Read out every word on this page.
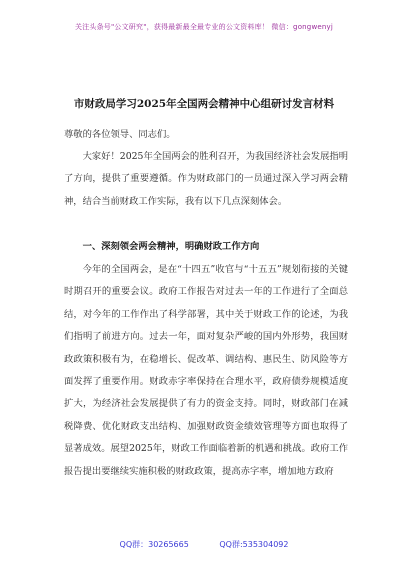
关注头条号"公文研究"，获得最新最全最专业的公文资料库！ 微信：gongwenyj
市财政局学习2025年全国两会精神中心组研讨发言材料

尊敬的各位领导、同志们。

大家好！2025年全国两会的胜利召开，为我国经济社会发展指明了方向，提供了重要遵循。作为财政部门的一员通过深入学习两会精神，结合当前财政工作实际，我有以下几点深刻体会。

一、深刻领会两会精神，明确财政工作方向

今年的全国两会，是在“十四五”收官与“十五五”规划衔接的关键时期召开的重要会议。政府工作报告对过去一年的工作进行了全面总结，对今年的工作作出了科学部署，其中关于财政工作的论述，为我们指明了前进方向。过去一年，面对复杂严峻的国内外形势，我国财政政策积极有为，在稳增长、促改革、调结构、惠民生、防风险等方面发挥了重要作用。财政赤字率保持在合理水平，政府债券规模适度扩大，为经济社会发展提供了有力的资金支持。同时，财政部门在减税降费、优化财政支出结构、加强财政资金绩效管理等方面也取得了显著成效。展望2025年，财政工作面临着新的机遇和挑战。政府工作报告提出要继续实施积极的财政政策，提高赤字率，增加地方政府

QQ群：30265665	QQ群:535304092
